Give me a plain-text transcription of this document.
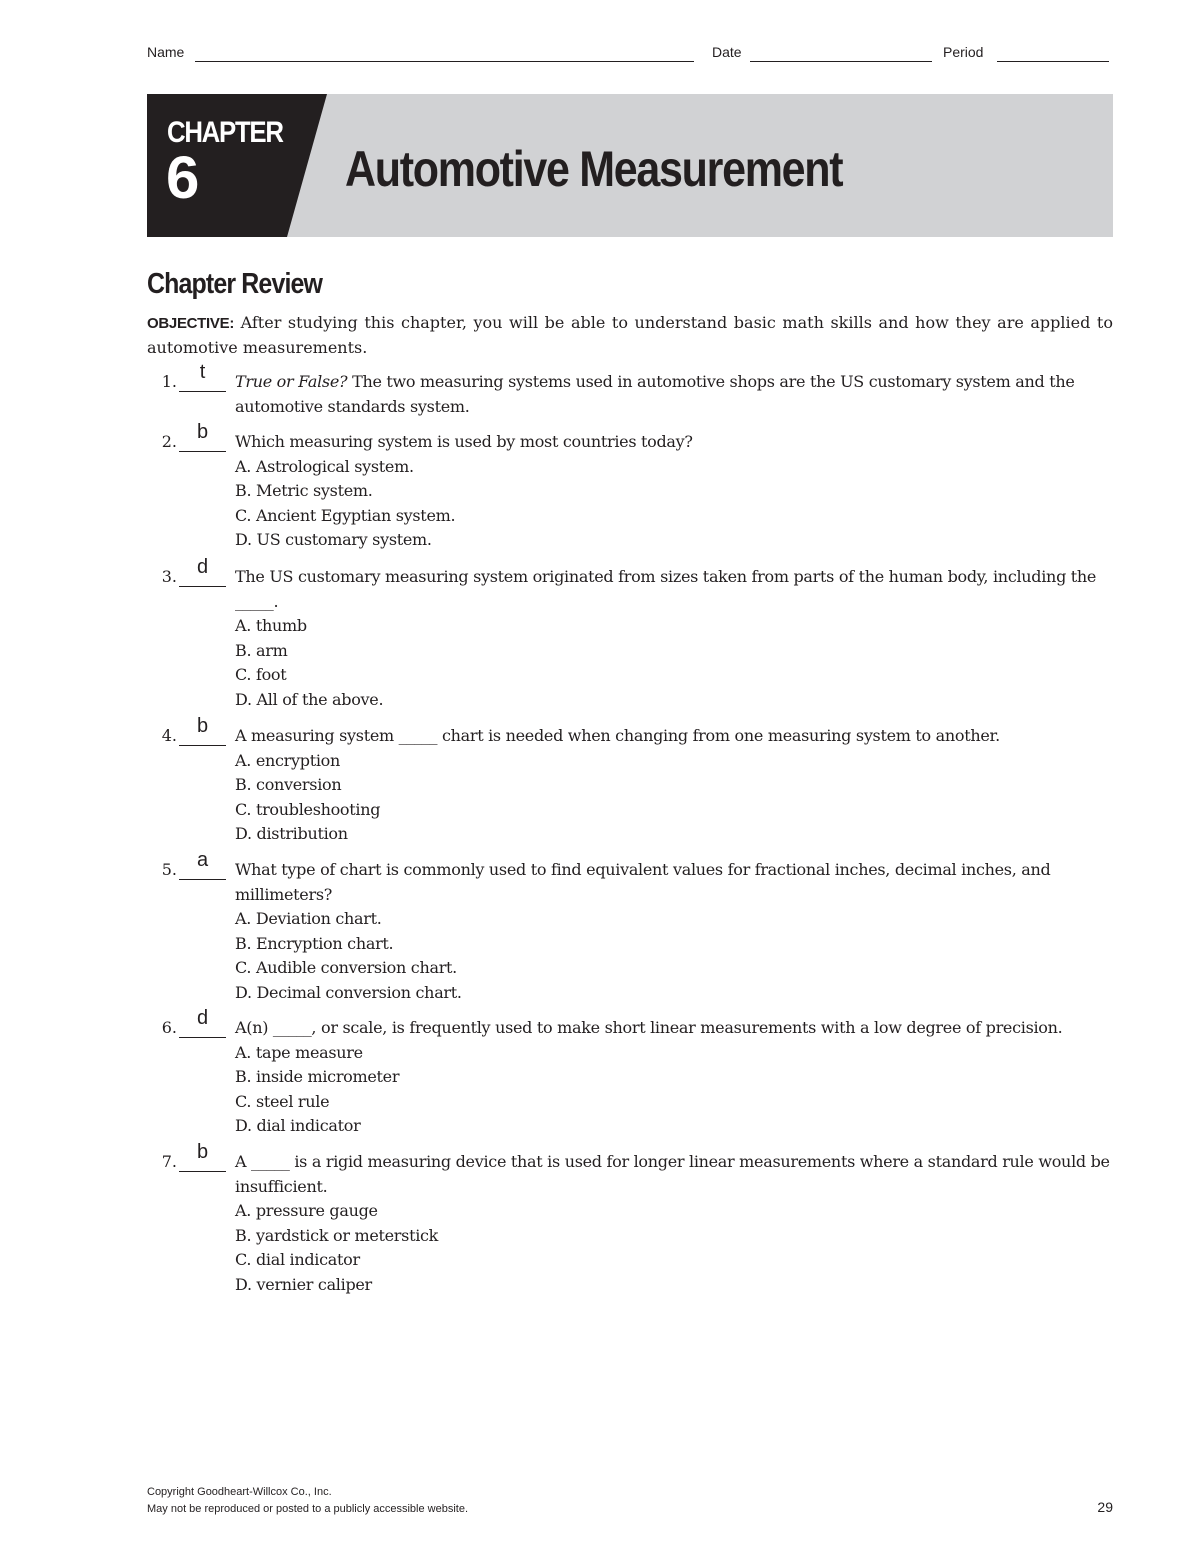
Name	Date	Period
CHAPTER
6	Automotive Measurement
Chapter Review
OBJECTIVE: After studying this chapter, you will be able to understand basic math skills and how they are applied to automotive measurements.
1.	t	True or False? The two measuring systems used in automotive shops are the US customary system and the automotive standards system.
2. b	Which measuring system is used by most countries today?
A. Astrological system.
B. Metric system.
C. Ancient Egyptian system.
D. US customary system.
3. d	The US customary measuring system originated from sizes taken from parts of the human body, including the _____.
A. thumb
B. arm
C. foot
D. All of the above.
4. b	A measuring system _____ chart is needed when changing from one measuring system to another.
A. encryption
B. conversion
C. troubleshooting
D. distribution
5. a	What type of chart is commonly used to find equivalent values for fractional inches, decimal inches, and millimeters?
A. Deviation chart.
B. Encryption chart.
C. Audible conversion chart.
D. Decimal conversion chart.
6. d	A(n) _____, or scale, is frequently used to make short linear measurements with a low degree of precision.
A. tape measure
B. inside micrometer
C. steel rule
D. dial indicator
7. b	A _____ is a rigid measuring device that is used for longer linear measurements where a standard rule would be insufficient.
A. pressure gauge
B. yardstick or meterstick
C. dial indicator
D. vernier caliper
Copyright Goodheart-Willcox Co., Inc.
May not be reproduced or posted to a publicly accessible website.	29
